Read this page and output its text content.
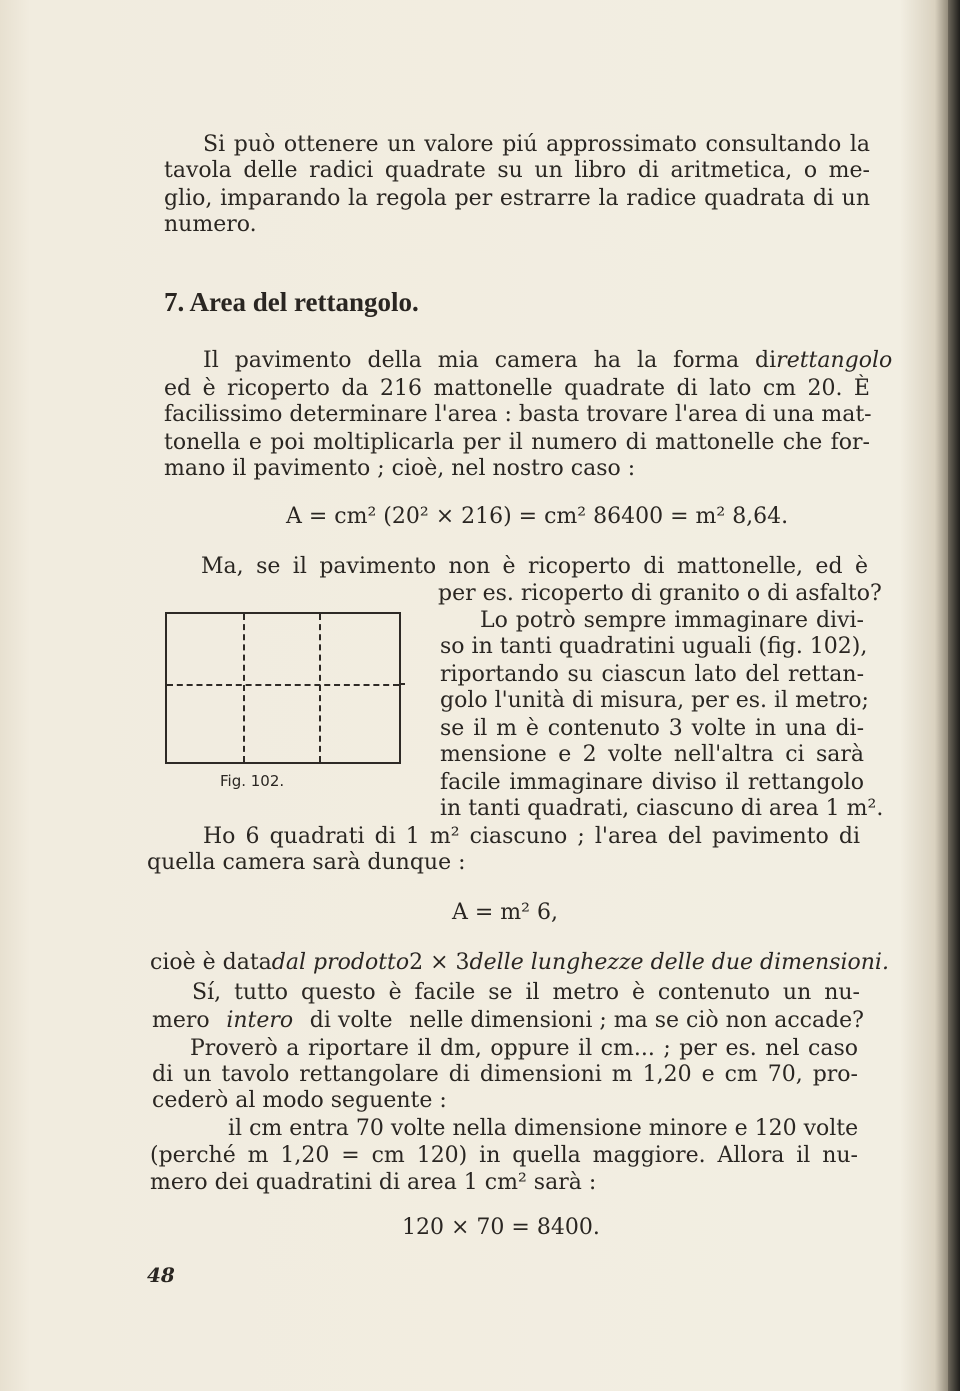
Si può ottenere un valore piú approssimato consultando la
tavola delle radici quadrate su un libro di aritmetica, o me-
glio, imparando la regola per estrarre la radice quadrata di un
numero.
7. Area del rettangolo.
Il pavimento della mia camera ha la forma di rettangolo
ed è ricoperto da 216 mattonelle quadrate di lato cm 20. È
facilissimo determinare l'area : basta trovare l'area di una mat-
tonella e poi moltiplicarla per il numero di mattonelle che for-
mano il pavimento ; cioè, nel nostro caso :
A = cm² (20² × 216) = cm² 86400 = m² 8,64.
Ma, se il pavimento non è ricoperto di mattonelle, ed è
per es. ricoperto di granito o di asfalto?
Lo potrò sempre immaginare divi-
so in tanti quadratini uguali (fig. 102),
riportando su ciascun lato del rettan-
golo l'unità di misura, per es. il metro;
se il m è contenuto 3 volte in una di-
mensione e 2 volte nell'altra ci sarà
facile immaginare diviso il rettangolo
in tanti quadrati, ciascuno di area 1 m².
Ho 6 quadrati di 1 m² ciascuno ; l'area del pavimento di
quella camera sarà dunque :
Fig. 102.
A = m² 6,
cioè è data dal prodotto 2 × 3 delle lunghezze delle due dimensioni.
Sí, tutto questo è facile se il metro è contenuto un nu-
mero intero di volte nelle dimensioni ; ma se ciò non accade?
Proverò a riportare il dm, oppure il cm... ; per es. nel caso
di un tavolo rettangolare di dimensioni m 1,20 e cm 70, pro-
cederò al modo seguente :
il cm entra 70 volte nella dimensione minore e 120 volte
(perché m 1,20 = cm 120) in quella maggiore. Allora il nu-
mero dei quadratini di area 1 cm² sarà :
120 × 70 = 8400.
48
